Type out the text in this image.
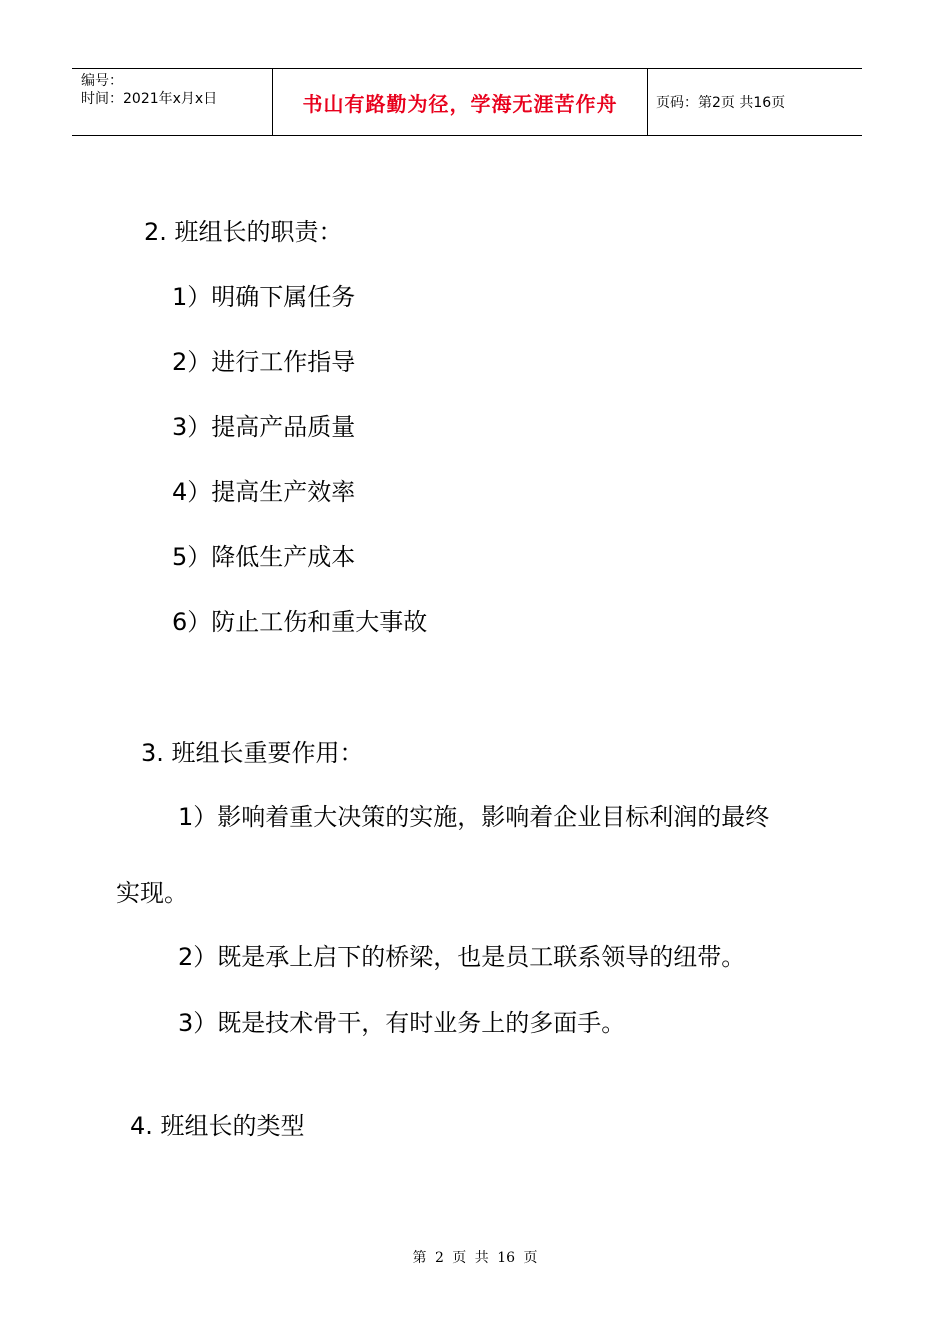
编号：
时间：2021年x月x日	书山有路勤为径，学海无涯苦作舟	页码：第2页 共16页
2. 班组长的职责：
1）明确下属任务
2）进行工作指导
3）提高产品质量
4）提高生产效率
5）降低生产成本
6）防止工伤和重大事故
3. 班组长重要作用：
1）影响着重大决策的实施，影响着企业目标利润的最终
实现。
2）既是承上启下的桥梁，也是员工联系领导的纽带。
3）既是技术骨干，有时业务上的多面手。
4. 班组长的类型
第 2 页 共 16 页
